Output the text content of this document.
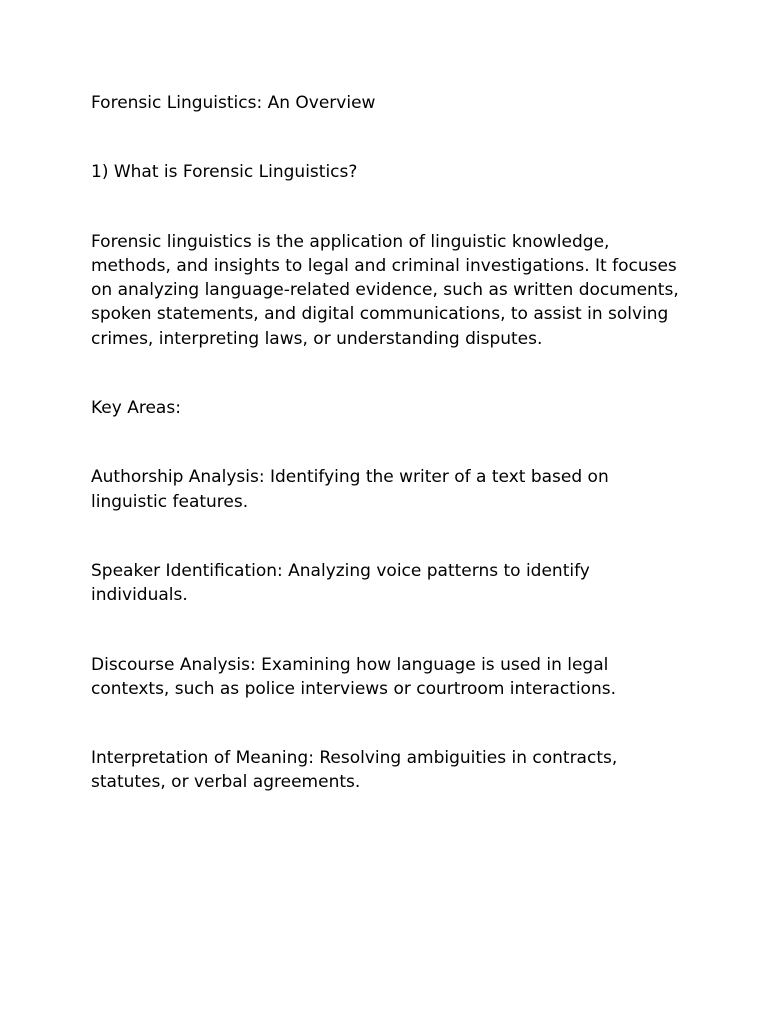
Forensic Linguistics: An Overview

1) What is Forensic Linguistics?

Forensic linguistics is the application of linguistic knowledge, methods, and insights to legal and criminal investigations. It focuses on analyzing language-related evidence, such as written documents, spoken statements, and digital communications, to assist in solving crimes, interpreting laws, or understanding disputes.

Key Areas:

Authorship Analysis: Identifying the writer of a text based on linguistic features.

Speaker Identification: Analyzing voice patterns to identify individuals.

Discourse Analysis: Examining how language is used in legal contexts, such as police interviews or courtroom interactions.

Interpretation of Meaning: Resolving ambiguities in contracts, statutes, or verbal agreements.
